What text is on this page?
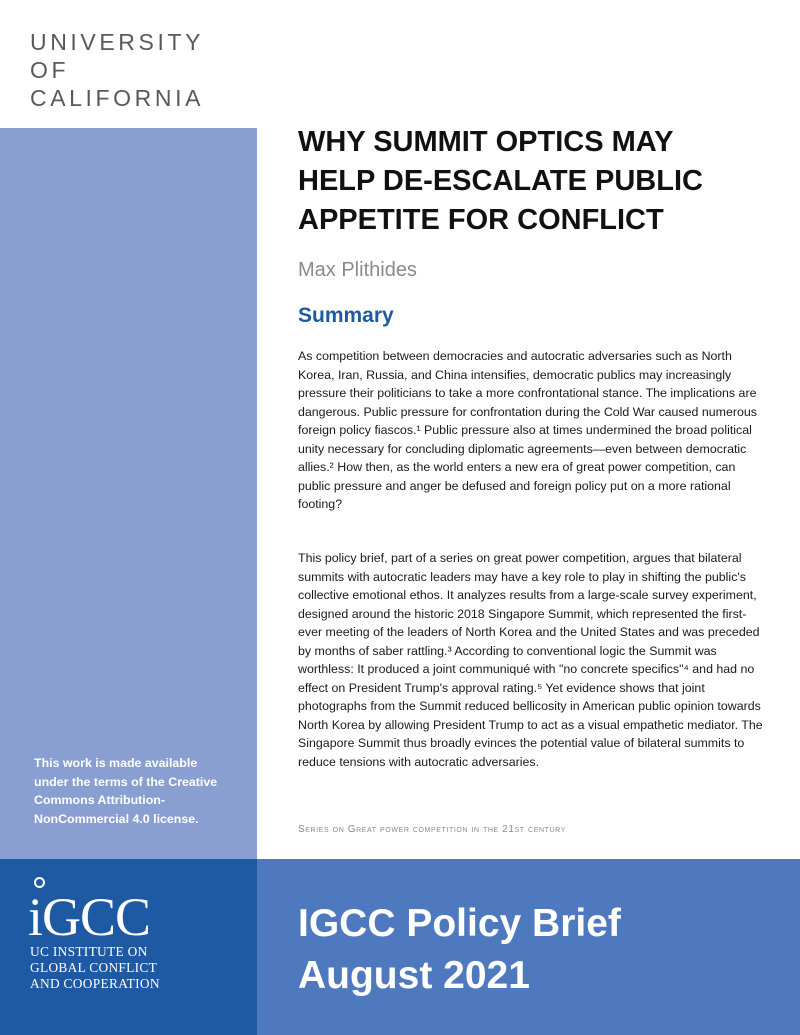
UNIVERSITY
OF
CALIFORNIA
This work is made available under the terms of the Creative Commons Attribution-NonCommercial 4.0 license.
WHY SUMMIT OPTICS MAY
HELP DE-ESCALATE PUBLIC
APPETITE FOR CONFLICT
Max Plithides
Summary

As competition between democracies and autocratic adversaries such as North Korea, Iran, Russia, and China intensifies, democratic publics may increasingly pressure their politicians to take a more confrontational stance. The implications are dangerous. Public pressure for confrontation during the Cold War caused numerous foreign policy fiascos.¹ Public pressure also at times undermined the broad political unity necessary for concluding diplomatic agreements—even between democratic allies.² How then, as the world enters a new era of great power competition, can public pressure and anger be defused and foreign policy put on a more rational footing?

This policy brief, part of a series on great power competition, argues that bilateral summits with autocratic leaders may have a key role to play in shifting the public's collective emotional ethos. It analyzes results from a large-scale survey experiment, designed around the historic 2018 Singapore Summit, which represented the first-ever meeting of the leaders of North Korea and the United States and was preceded by months of saber rattling.³ According to conventional logic the Summit was worthless: It produced a joint communiqué with "no concrete specifics"⁴ and had no effect on President Trump's approval rating.⁵ Yet evidence shows that joint photographs from the Summit reduced bellicosity in American public opinion towards North Korea by allowing President Trump to act as a visual empathetic mediator. The Singapore Summit thus broadly evinces the potential value of bilateral summits to reduce tensions with autocratic adversaries.

Series on Great power competition in the 21st century
iGCC
UC INSTITUTE ON
GLOBAL CONFLICT
AND COOPERATION
IGCC Policy Brief
August 2021
